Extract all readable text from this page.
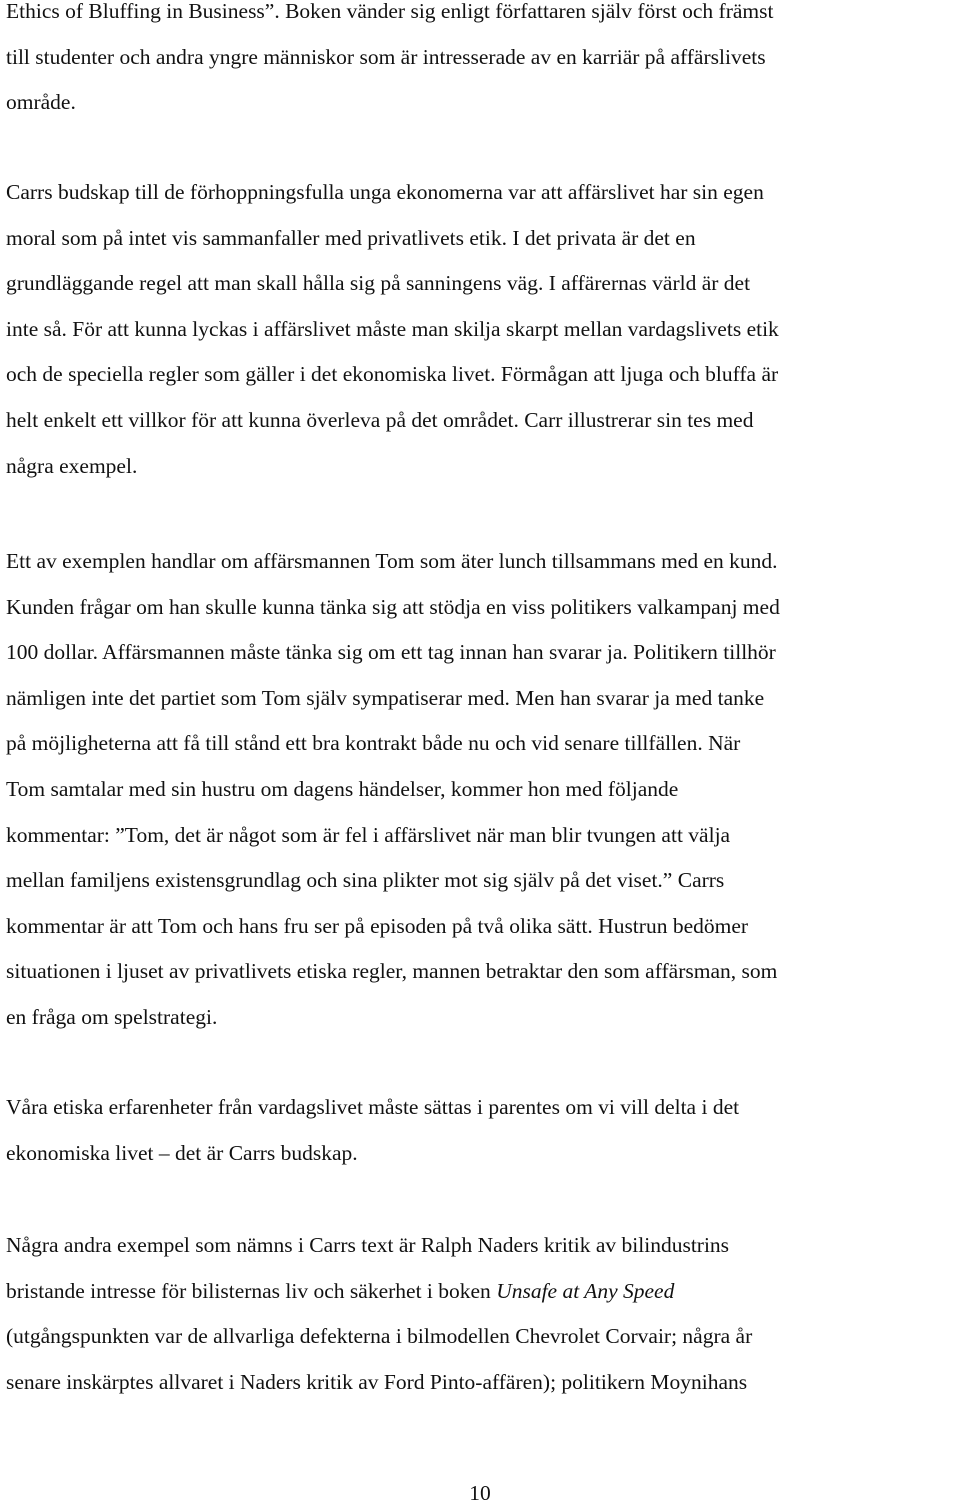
Ethics of Bluffing in Business”. Boken vänder sig enligt författaren själv först och främst
till studenter och andra yngre människor som är intresserade av en karriär på affärslivets
område.

Carrs budskap till de förhoppningsfulla unga ekonomerna var att affärslivet har sin egen
moral som på intet vis sammanfaller med privatlivets etik. I det privata är det en
grundläggande regel att man skall hålla sig på sanningens väg. I affärernas värld är det
inte så. För att kunna lyckas i affärslivet måste man skilja skarpt mellan vardagslivets etik
och de speciella regler som gäller i det ekonomiska livet. Förmågan att ljuga och bluffa är
helt enkelt ett villkor för att kunna överleva på det området. Carr illustrerar sin tes med
några exempel.

Ett av exemplen handlar om affärsmannen Tom som äter lunch tillsammans med en kund.
Kunden frågar om han skulle kunna tänka sig att stödja en viss politikers valkampanj med
100 dollar. Affärsmannen måste tänka sig om ett tag innan han svarar ja. Politikern tillhör
nämligen inte det partiet som Tom själv sympatiserar med. Men han svarar ja med tanke
på möjligheterna att få till stånd ett bra kontrakt både nu och vid senare tillfällen. När
Tom samtalar med sin hustru om dagens händelser, kommer hon med följande
kommentar: ”Tom, det är något som är fel i affärslivet när man blir tvungen att välja
mellan familjens existensgrundlag och sina plikter mot sig själv på det viset.” Carrs
kommentar är att Tom och hans fru ser på episoden på två olika sätt. Hustrun bedömer
situationen i ljuset av privatlivets etiska regler, mannen betraktar den som affärsman, som
en fråga om spelstrategi.

Våra etiska erfarenheter från vardagslivet måste sättas i parentes om vi vill delta i det
ekonomiska livet – det är Carrs budskap.

Några andra exempel som nämns i Carrs text är Ralph Naders kritik av bilindustrins
bristande intresse för bilisternas liv och säkerhet i boken Unsafe at Any Speed
(utgångspunkten var de allvarliga defekterna i bilmodellen Chevrolet Corvair; några år
senare inskärptes allvaret i Naders kritik av Ford Pinto-affären); politikern Moynihans

10
